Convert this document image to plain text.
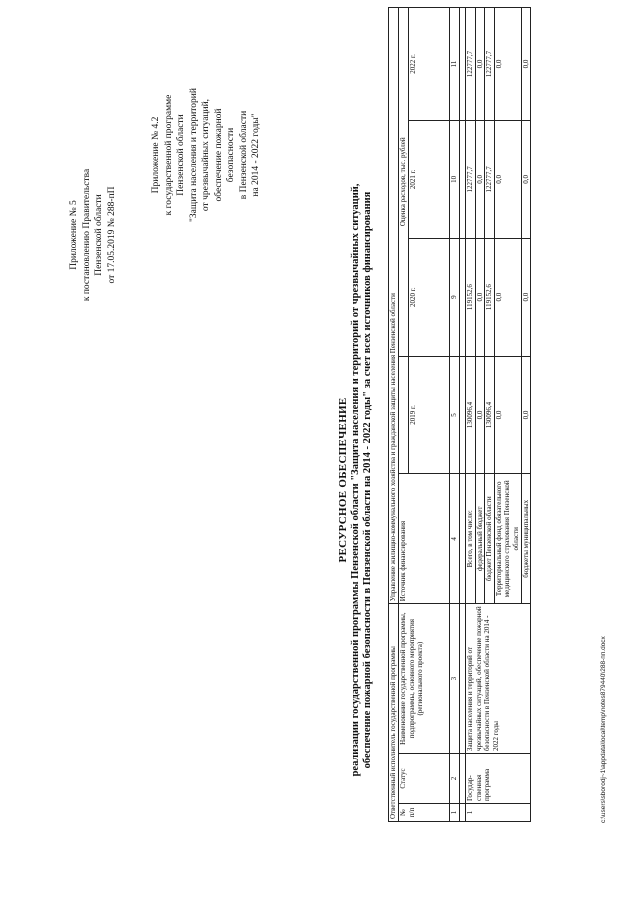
Приложение № 5 к постановлению Правительства Пензенской области от 17.05.2019 № 288-пП
Приложение № 4.2 к государственной программе Пензенской области "Защита населения и территорий от чрезвычайных ситуаций, обеспечение пожарной безопасности в Пензенской области на 2014 - 2022 годы"
РЕСУРСНОЕ ОБЕСПЕЧЕНИЕ реализации государственной программы Пензенской области "Защита населения и территорий от чрезвычайных ситуаций, обеспечение пожарной безопасности в Пензенской области на 2014 - 2022 годы" за счет всех источников финансирования Ответственный исполнитель государственной программы			Управление жилищно-коммунального хозяйства и гражданской защиты населения Пензенской области				
№ п/п	Статус	Наименование государственной программы, подпрограммы, основного мероприятия (регионального проекта)	Источник финансирования		Оценка расходов, тыс. рублей		
				2019 г.	2020 г.	2021 г.	2022 г.
1	2	3	4	5	9	10	11

1	Государ-ственная программа	Защита населения и территорий от чрезвычайных ситуаций, обеспечение пожарной безопасности в Пензенской области на 2014 - 2022 годы	Всего, в том числе:	130096,4	119152,6	122777,7	122777,7
			федеральный бюджет	0,0	0,0	0,0	0,0
			бюджет Пензенской области	130096,4	119152,6	122777,7	122777,7
			Территориальный фонд обязательного медицинского страхования Пензенской области	0,0	0,0	0,0	0,0
			бюджеты муниципальных	0,0	0,0	0,0	0,0
c:\users\sborodj~1\appdata\local\temp\notes879440\288-пп.docx
